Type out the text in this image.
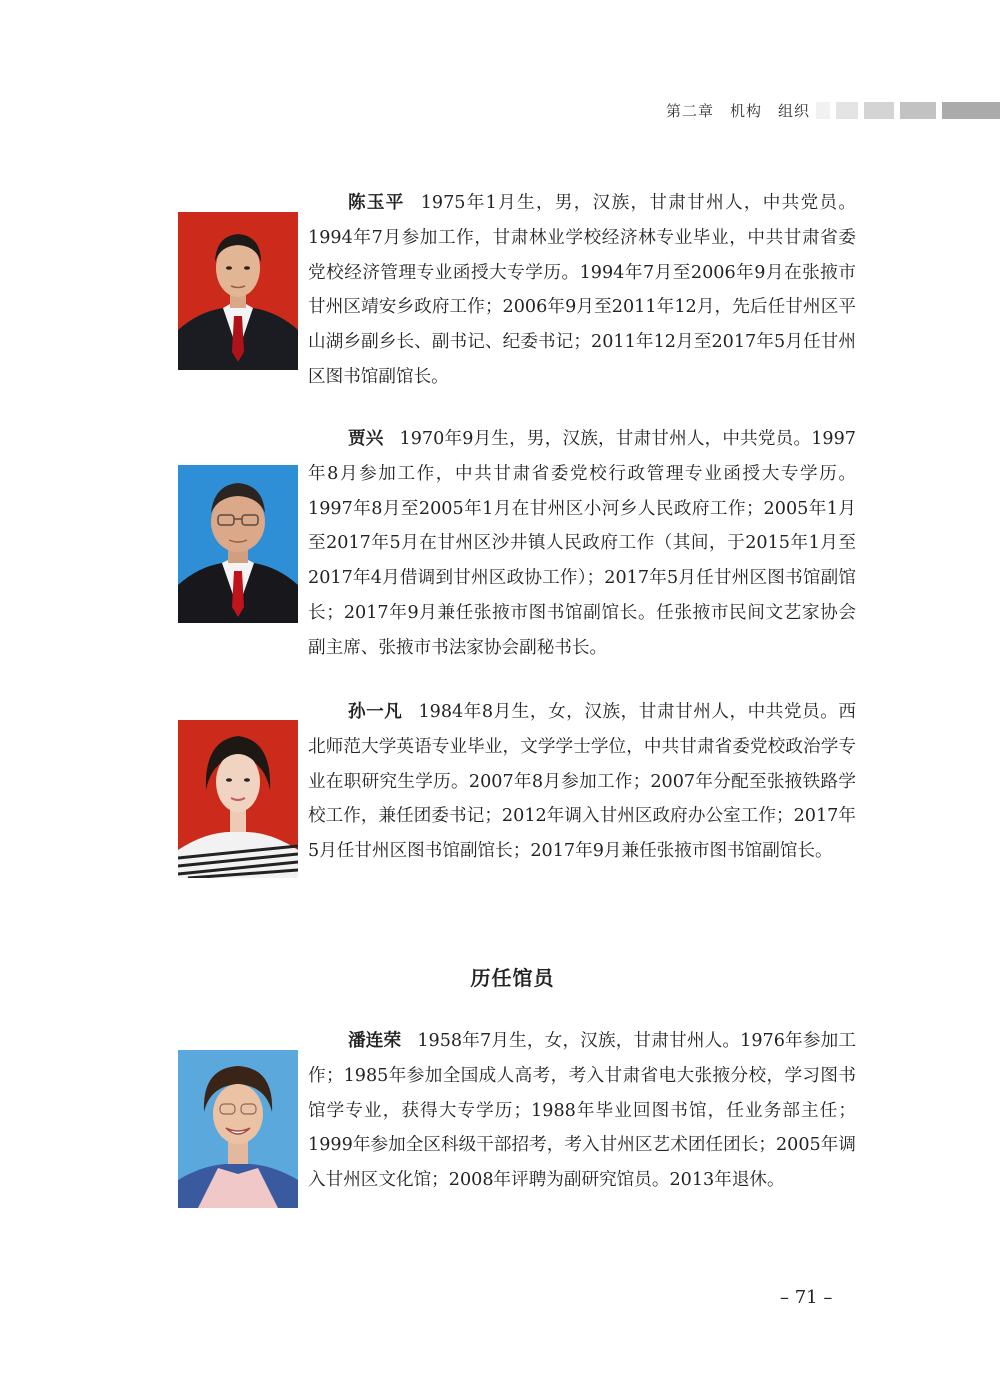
第二章　机构　组织

陈玉平 1975年1月生，男，汉族，甘肃甘州人，中共党员。1994年7月参加工作，甘肃林业学校经济林专业毕业，中共甘肃省委党校经济管理专业函授大专学历。1994年7月至2006年9月在张掖市甘州区靖安乡政府工作；2006年9月至2011年12月，先后任甘州区平山湖乡副乡长、副书记、纪委书记；2011年12月至2017年5月任甘州区图书馆副馆长。

贾兴 1970年9月生，男，汉族，甘肃甘州人，中共党员。1997年8月参加工作，中共甘肃省委党校行政管理专业函授大专学历。1997年8月至2005年1月在甘州区小河乡人民政府工作；2005年1月至2017年5月在甘州区沙井镇人民政府工作（其间，于2015年1月至2017年4月借调到甘州区政协工作）；2017年5月任甘州区图书馆副馆长；2017年9月兼任张掖市图书馆副馆长。任张掖市民间文艺家协会副主席、张掖市书法家协会副秘书长。

孙一凡 1984年8月生，女，汉族，甘肃甘州人，中共党员。西北师范大学英语专业毕业，文学学士学位，中共甘肃省委党校政治学专业在职研究生学历。2007年8月参加工作；2007年分配至张掖铁路学校工作，兼任团委书记；2012年调入甘州区政府办公室工作；2017年5月任甘州区图书馆副馆长；2017年9月兼任张掖市图书馆副馆长。

历任馆员

潘连荣 1958年7月生，女，汉族，甘肃甘州人。1976年参加工作；1985年参加全国成人高考，考入甘肃省电大张掖分校，学习图书馆学专业，获得大专学历；1988年毕业回图书馆，任业务部主任；1999年参加全区科级干部招考，考入甘州区艺术团任团长；2005年调入甘州区文化馆；2008年评聘为副研究馆员。2013年退休。

– 71 –
